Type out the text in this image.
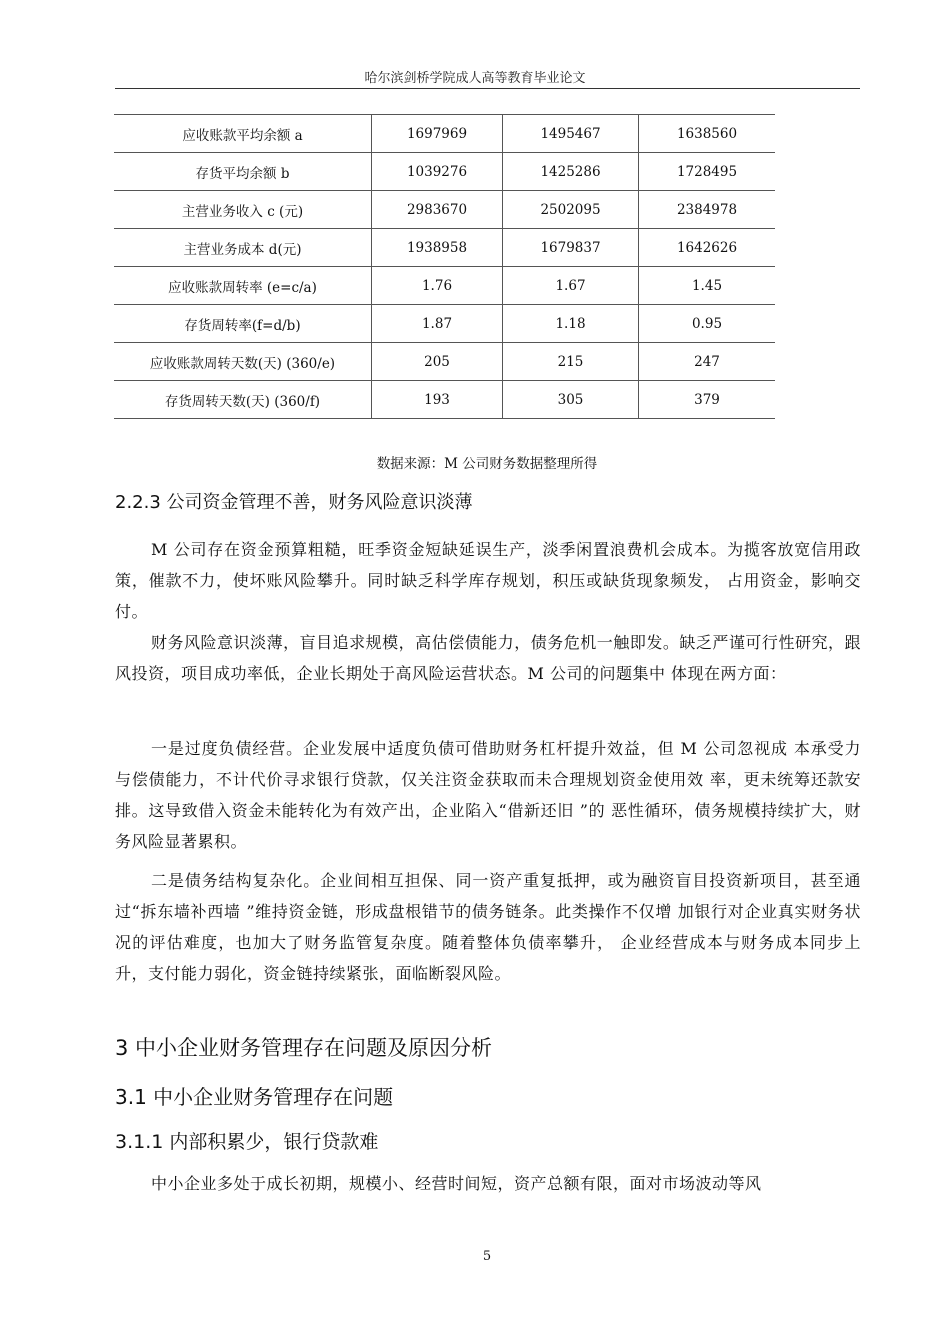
哈尔滨剑桥学院成人高等教育毕业论文
应收账款平均余额 a	1697969	1495467	1638560
存货平均余额 b	1039276	1425286	1728495
主营业务收入 c (元)	2983670	2502095	2384978
主营业务成本 d(元)	1938958	1679837	1642626
应收账款周转率 (e=c/a)	1.76	1.67	1.45
存货周转率(f=d/b)	1.87	1.18	0.95
应收账款周转天数(天) (360/e)	205	215	247
存货周转天数(天) (360/f)	193	305	379
数据来源：M 公司财务数据整理所得
2.2.3 公司资金管理不善，财务风险意识淡薄

M 公司存在资金预算粗糙，旺季资金短缺延误生产，淡季闲置浪费机会成本。为揽客放宽信用政策，催款不力，使坏账风险攀升。同时缺乏科学库存规划，积压或缺货现象频发， 占用资金，影响交付。

财务风险意识淡薄，盲目追求规模，高估偿债能力，债务危机一触即发。缺乏严谨可行性研究，跟风投资，项目成功率低，企业长期处于高风险运营状态。M 公司的问题集中 体现在两方面：

一是过度负债经营。企业发展中适度负债可借助财务杠杆提升效益，但 M 公司忽视成 本承受力与偿债能力，不计代价寻求银行贷款，仅关注资金获取而未合理规划资金使用效 率，更未统筹还款安排。这导致借入资金未能转化为有效产出，企业陷入“借新还旧 ”的 恶性循环，债务规模持续扩大，财务风险显著累积。

二是债务结构复杂化。企业间相互担保、同一资产重复抵押，或为融资盲目投资新项目，甚至通过“拆东墙补西墙 ”维持资金链，形成盘根错节的债务链条。此类操作不仅增 加银行对企业真实财务状况的评估难度，也加大了财务监管复杂度。随着整体负债率攀升， 企业经营成本与财务成本同步上升，支付能力弱化，资金链持续紧张，面临断裂风险。

3 中小企业财务管理存在问题及原因分析
3.1 中小企业财务管理存在问题
3.1.1 内部积累少，银行贷款难

中小企业多处于成长初期，规模小、经营时间短，资产总额有限，面对市场波动等风

5
